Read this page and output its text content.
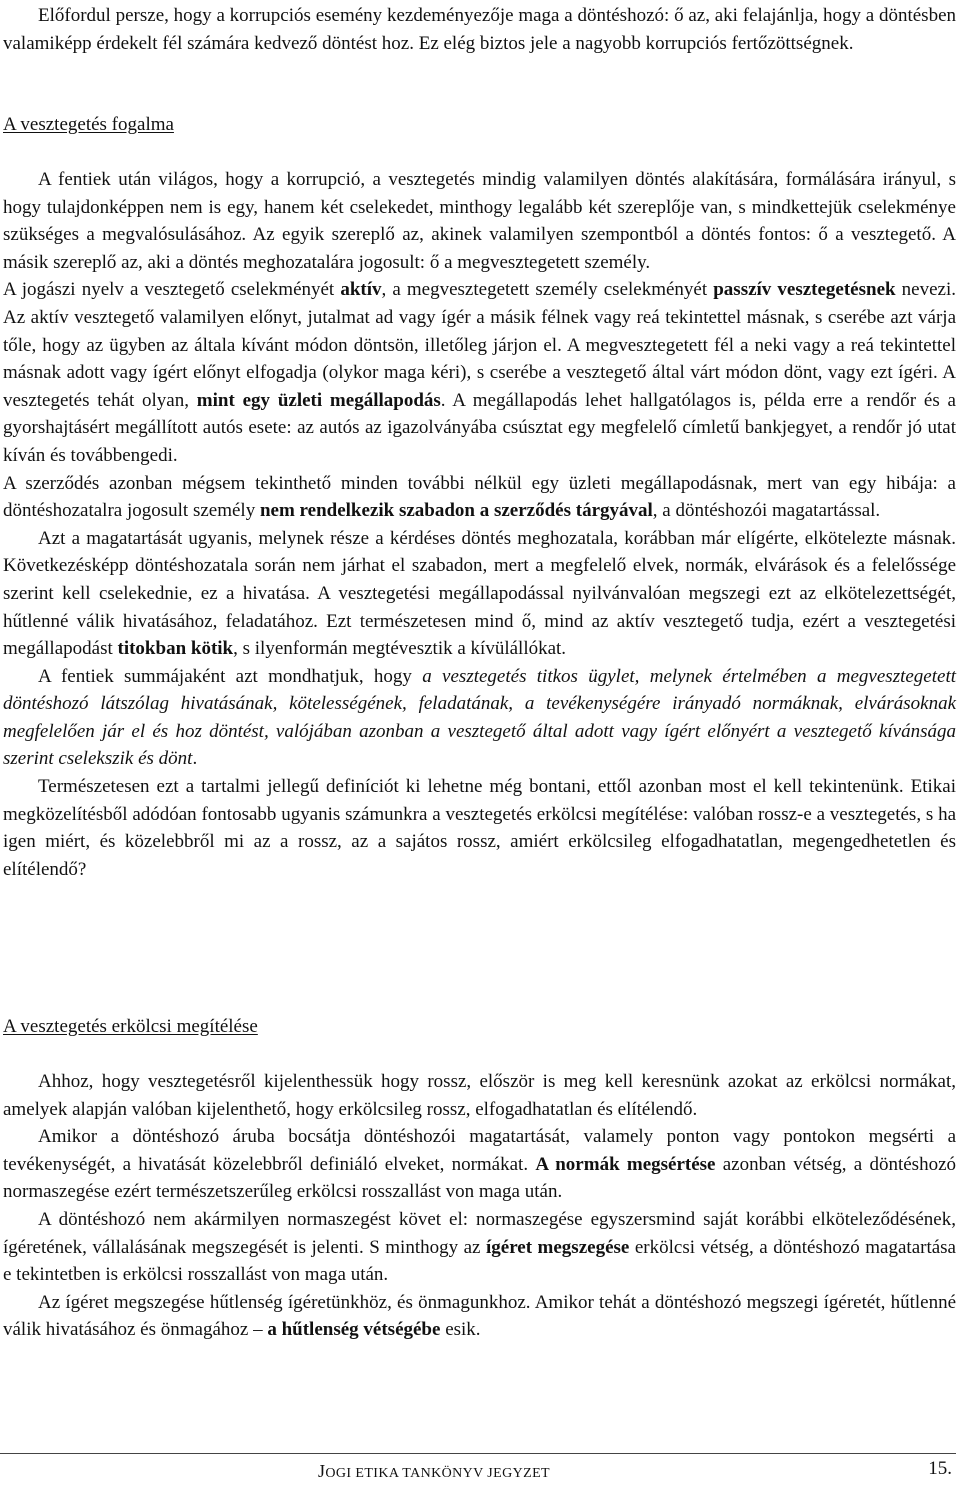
Előfordul persze, hogy a korrupciós esemény kezdeményezője maga a döntéshozó: ő az, aki felajánlja, hogy a döntésben valamiképp érdekelt fél számára kedvező döntést hoz. Ez elég biztos jele a nagyobb korrupciós fertőzöttségnek.

A vesztegetés fogalma

A fentiek után világos, hogy a korrupció, a vesztegetés mindig valamilyen döntés alakítására, formálására irányul, s hogy tulajdonképpen nem is egy, hanem két cselekedet, minthogy legalább két szereplője van, s mindkettejük cselekménye szükséges a megvalósulásához. Az egyik szereplő az, akinek valamilyen szempontból a döntés fontos: ő a vesztegető. A másik szereplő az, aki a döntés meghozatalára jogosult: ő a megvesztegetett személy.

A jogászi nyelv a vesztegető cselekményét aktív, a megvesztegetett személy cselekményét passzív vesztegetésnek nevezi. Az aktív vesztegető valamilyen előnyt, jutalmat ad vagy ígér a másik félnek vagy reá tekintettel másnak, s cserébe azt várja tőle, hogy az ügyben az általa kívánt módon döntsön, illetőleg járjon el. A megvesztegetett fél a neki vagy a reá tekintettel másnak adott vagy ígért előnyt elfogadja (olykor maga kéri), s cserébe a vesztegető által várt módon dönt, vagy ezt ígéri. A vesztegetés tehát olyan, mint egy üzleti megállapodás. A megállapodás lehet hallgatólagos is, példa erre a rendőr és a gyorshajtásért megállított autós esete: az autós az igazolványába csúsztat egy megfelelő címletű bankjegyet, a rendőr jó utat kíván és továbbengedi.

A szerződés azonban mégsem tekinthető minden további nélkül egy üzleti megállapodásnak, mert van egy hibája: a döntéshozatalra jogosult személy nem rendelkezik szabadon a szerződés tárgyával, a döntéshozói magatartással.

Azt a magatartását ugyanis, melynek része a kérdéses döntés meghozatala, korábban már elígérte, elkötelezte másnak. Következésképp döntéshozatala során nem járhat el szabadon, mert a megfelelő elvek, normák, elvárások és a felelőssége szerint kell cselekednie, ez a hivatása. A vesztegetési megállapodással nyilvánvalóan megszegi ezt az elkötelezettségét, hűtlenné válik hivatásához, feladatához. Ezt természetesen mind ő, mind az aktív vesztegető tudja, ezért a vesztegetési megállapodást titokban kötik, s ilyenformán megtévesztik a kívülállókat.

A fentiek summájaként azt mondhatjuk, hogy a vesztegetés titkos ügylet, melynek értelmében a megvesztegetett döntéshozó látszólag hivatásának, kötelességének, feladatának, a tevékenységére irányadó normáknak, elvárásoknak megfelelően jár el és hoz döntést, valójában azonban a vesztegető által adott vagy ígért előnyért a vesztegető kívánsága szerint cselekszik és dönt.

Természetesen ezt a tartalmi jellegű definíciót ki lehetne még bontani, ettől azonban most el kell tekintenünk. Etikai megközelítésből adódóan fontosabb ugyanis számunkra a vesztegetés erkölcsi megítélése: valóban rossz-e a vesztegetés, s ha igen miért, és közelebbről mi az a rossz, az a sajátos rossz, amiért erkölcsileg elfogadhatatlan, megengedhetetlen és elítélendő?

A vesztegetés erkölcsi megítélése

Ahhoz, hogy vesztegetésről kijelenthessük hogy rossz, először is meg kell keresnünk azokat az erkölcsi normákat, amelyek alapján valóban kijelenthető, hogy erkölcsileg rossz, elfogadhatatlan és elítélendő.

Amikor a döntéshozó áruba bocsátja döntéshozói magatartását, valamely ponton vagy pontokon megsérti a tevékenységét, a hivatását közelebbről definiáló elveket, normákat. A normák megsértése azonban vétség, a döntéshozó normaszegése ezért természetszerűleg erkölcsi rosszallást von maga után.

A döntéshozó nem akármilyen normaszegést követ el: normaszegése egyszersmind saját korábbi elköteleződésének, ígéretének, vállalásának megszegését is jelenti. S minthogy az ígéret megszegése erkölcsi vétség, a döntéshozó magatartása e tekintetben is erkölcsi rosszallást von maga után.

Az ígéret megszegése hűtlenség ígéretünkhöz, és önmagunkhoz. Amikor tehát a döntéshozó megszegi ígéretét, hűtlenné válik hivatásához és önmagához – a hűtlenség vétségébe esik.

JOGI ETIKA TANKÖNYV JEGYZET	15.
